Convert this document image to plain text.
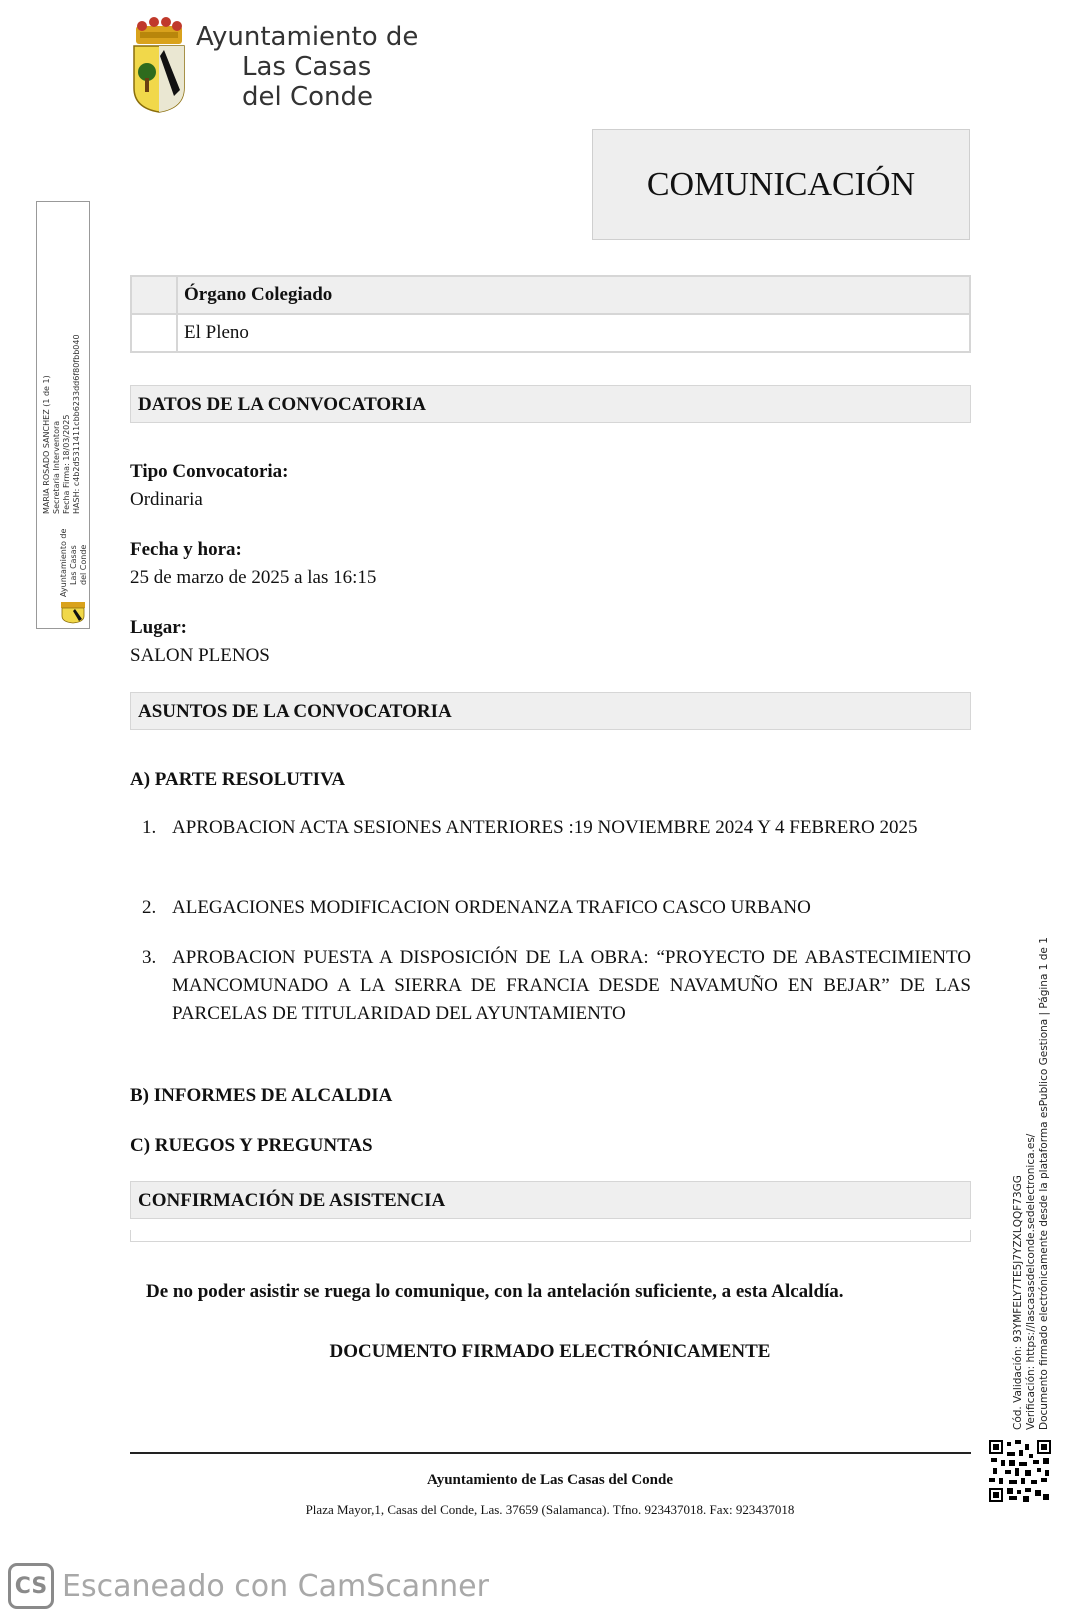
Ayuntamiento de
Las Casas
del Conde
COMUNICACIÓN
	Órgano Colegiado
	El Pleno
DATOS DE LA CONVOCATORIA
Tipo Convocatoria:
Ordinaria
Fecha y hora:
25 de marzo de 2025 a las 16:15
Lugar:
SALON PLENOS
ASUNTOS DE LA CONVOCATORIA
A) PARTE RESOLUTIVA
1. APROBACION ACTA SESIONES ANTERIORES :19 NOVIEMBRE 2024 Y 4 FEBRERO 2025
2. ALEGACIONES MODIFICACION ORDENANZA TRAFICO CASCO URBANO
3. APROBACION PUESTA A DISPOSICIÓN DE LA OBRA: “PROYECTO DE ABASTECIMIENTO MANCOMUNADO A LA SIERRA DE FRANCIA DESDE NAVAMUÑO EN BEJAR” DE LAS PARCELAS DE TITULARIDAD DEL AYUNTAMIENTO
B) INFORMES DE ALCALDIA
C) RUEGOS Y PREGUNTAS
CONFIRMACIÓN DE ASISTENCIA
De no poder asistir se ruega lo comunique, con la antelación suficiente, a esta Alcaldía.
DOCUMENTO FIRMADO ELECTRÓNICAMENTE
Ayuntamiento de Las Casas del Conde
Plaza Mayor,1, Casas del Conde, Las. 37659 (Salamanca). Tfno. 923437018. Fax: 923437018
MARIA ROSADO SANCHEZ (1 de 1) Secretaria Interventora Fecha Firma: 18/03/2025 HASH: c4b2d5311411cbb6233dd6f80fbb040
Ayuntamiento de Las Casas del Conde
Cód. Validación: 93YMFELY7TE5J7YZXLQQF73GG Verificación: https://lascasasdelconde.sedelectronica.es/ Documento firmado electrónicamente desde la plataforma esPublico Gestiona | Página 1 de 1
CS Escaneado con CamScanner
